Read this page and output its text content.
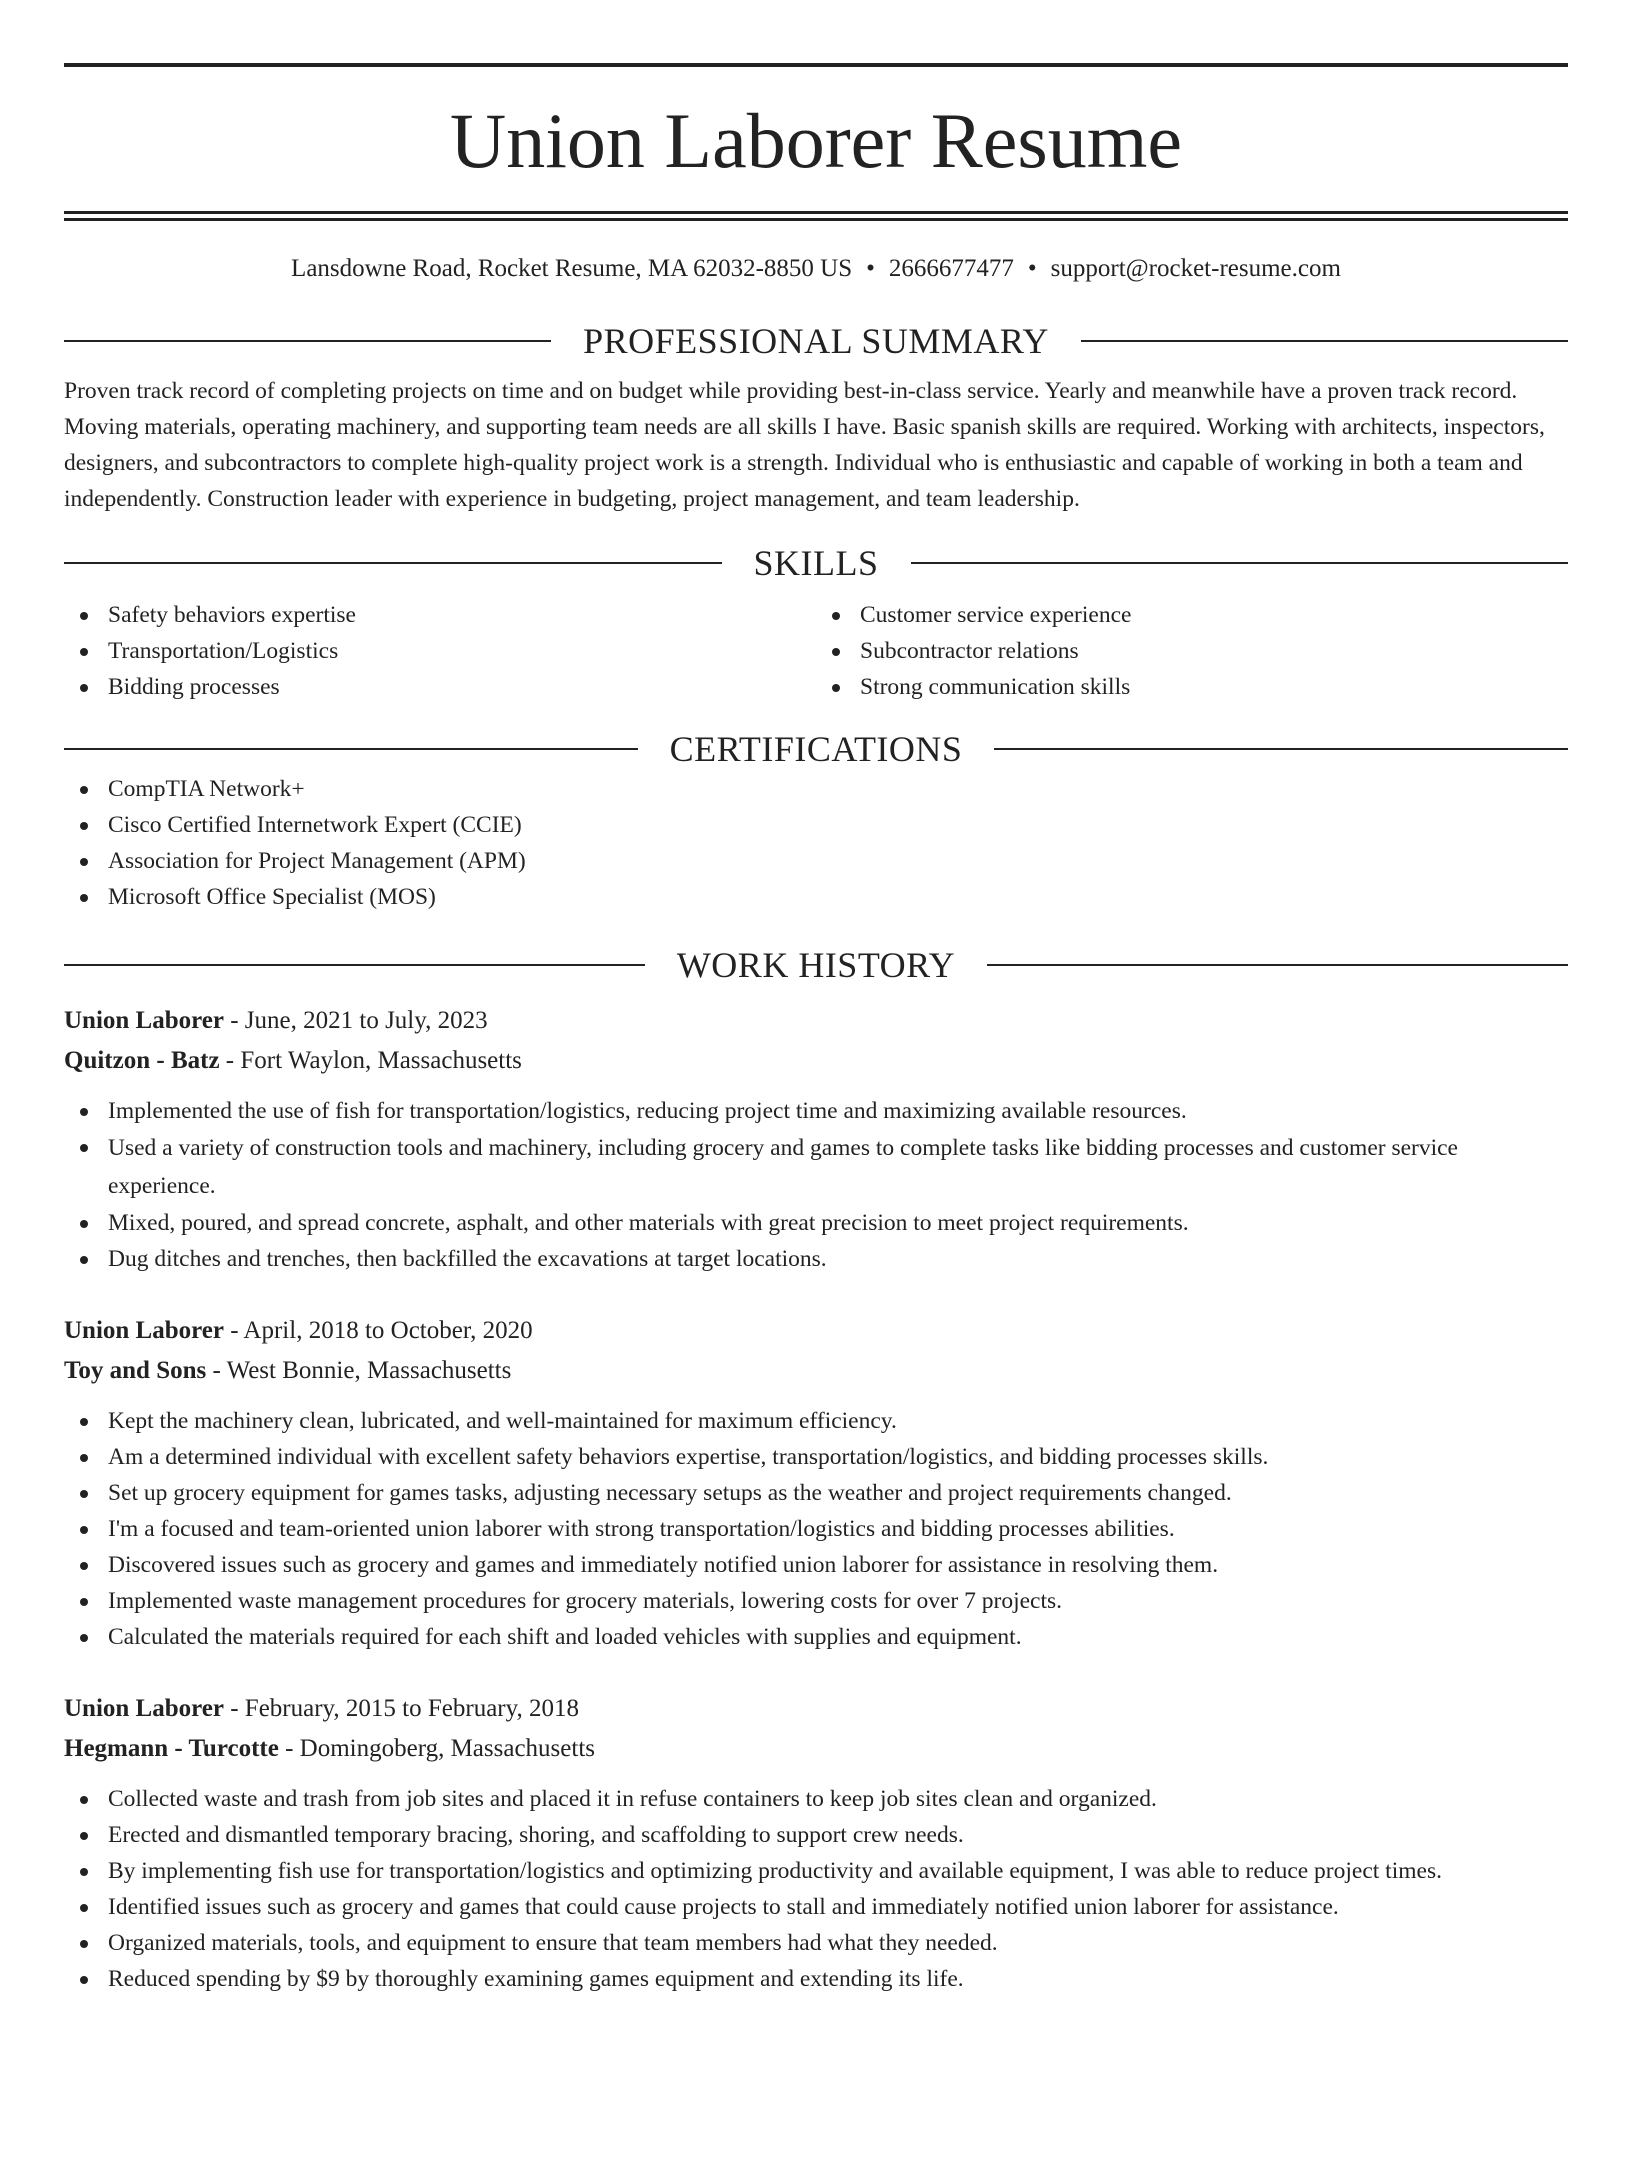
Union Laborer Resume
Lansdowne Road, Rocket Resume, MA 62032-8850 US • 2666677477 • support@rocket-resume.com
PROFESSIONAL SUMMARY

Proven track record of completing projects on time and on budget while providing best-in-class service. Yearly and meanwhile have a proven track record. Moving materials, operating machinery, and supporting team needs are all skills I have. Basic spanish skills are required. Working with architects, inspectors, designers, and subcontractors to complete high-quality project work is a strength. Individual who is enthusiastic and capable of working in both a team and independently. Construction leader with experience in budgeting, project management, and team leadership.

SKILLS
Safety behaviors expertise
Transportation/Logistics
Bidding processes
Customer service experience
Subcontractor relations
Strong communication skills
CERTIFICATIONS
CompTIA Network+
Cisco Certified Internetwork Expert (CCIE)
Association for Project Management (APM)
Microsoft Office Specialist (MOS)
WORK HISTORY
Union Laborer - June, 2021 to July, 2023
Quitzon - Batz - Fort Waylon, Massachusetts
Implemented the use of fish for transportation/logistics, reducing project time and maximizing available resources.
Used a variety of construction tools and machinery, including grocery and games to complete tasks like bidding processes and customer service experience.
Mixed, poured, and spread concrete, asphalt, and other materials with great precision to meet project requirements.
Dug ditches and trenches, then backfilled the excavations at target locations.
Union Laborer - April, 2018 to October, 2020
Toy and Sons - West Bonnie, Massachusetts
Kept the machinery clean, lubricated, and well-maintained for maximum efficiency.
Am a determined individual with excellent safety behaviors expertise, transportation/logistics, and bidding processes skills.
Set up grocery equipment for games tasks, adjusting necessary setups as the weather and project requirements changed.
I'm a focused and team-oriented union laborer with strong transportation/logistics and bidding processes abilities.
Discovered issues such as grocery and games and immediately notified union laborer for assistance in resolving them.
Implemented waste management procedures for grocery materials, lowering costs for over 7 projects.
Calculated the materials required for each shift and loaded vehicles with supplies and equipment.
Union Laborer - February, 2015 to February, 2018
Hegmann - Turcotte - Domingoberg, Massachusetts
Collected waste and trash from job sites and placed it in refuse containers to keep job sites clean and organized.
Erected and dismantled temporary bracing, shoring, and scaffolding to support crew needs.
By implementing fish use for transportation/logistics and optimizing productivity and available equipment, I was able to reduce project times.
Identified issues such as grocery and games that could cause projects to stall and immediately notified union laborer for assistance.
Organized materials, tools, and equipment to ensure that team members had what they needed.
Reduced spending by $9 by thoroughly examining games equipment and extending its life.
